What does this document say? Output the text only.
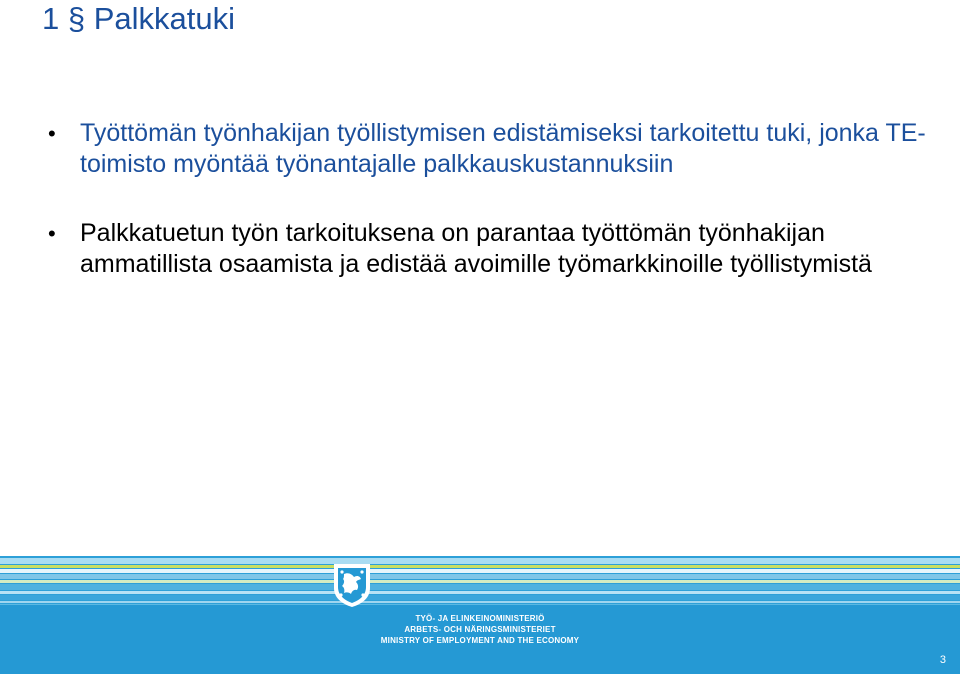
1 § Palkkatuki
• Työttömän työnhakijan työllistymisen edistämiseksi tarkoitettu tuki, jonka TE-toimisto myöntää työnantajalle palkkauskustannuksiin
• Palkkatuetun työn tarkoituksena on parantaa työttömän työnhakijan ammatillista osaamista ja edistää avoimille työmarkkinoille työllistymistä
TYÖ- JA ELINKEINOMINISTERIÖ
ARBETS- OCH NÄRINGSMINISTERIET
MINISTRY OF EMPLOYMENT AND THE ECONOMY
3
